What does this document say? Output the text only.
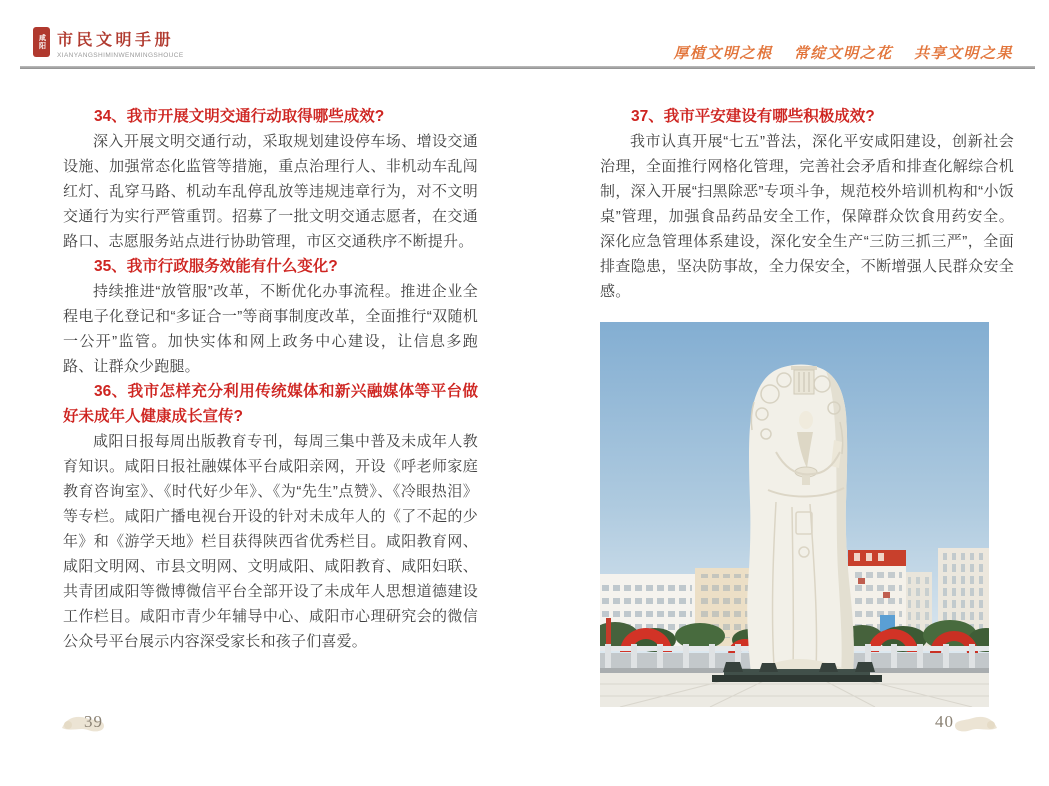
咸阳 市民文明手册
XIANYANGSHIMINWENMINGSHOUCE	厚植文明之根 常绽文明之花 共享文明之果
34、我市开展文明交通行动取得哪些成效?

深入开展文明交通行动，采取规划建设停车场、增设交通设施、加强常态化监管等措施，重点治理行人、非机动车乱闯红灯、乱穿马路、机动车乱停乱放等违规违章行为，对不文明交通行为实行严管重罚。招募了一批文明交通志愿者，在交通路口、志愿服务站点进行协助管理，市区交通秩序不断提升。

35、我市行政服务效能有什么变化?

持续推进“放管服”改革，不断优化办事流程。推进企业全程电子化登记和“多证合一”等商事制度改革，全面推行“双随机一公开”监管。加快实体和网上政务中心建设，让信息多跑路、让群众少跑腿。

36、我市怎样充分利用传统媒体和新兴融媒体等平台做好未成年人健康成长宣传?

咸阳日报每周出版教育专刊，每周三集中普及未成年人教育知识。咸阳日报社融媒体平台咸阳亲网，开设《呼老师家庭教育咨询室》、《时代好少年》、《为“先生”点赞》、《冷眼热泪》等专栏。咸阳广播电视台开设的针对未成年人的《了不起的少年》和《游学天地》栏目获得陕西省优秀栏目。咸阳教育网、咸阳文明网、市县文明网、文明咸阳、咸阳教育、咸阳妇联、共青团咸阳等微博微信平台全部开设了未成年人思想道德建设工作栏目。咸阳市青少年辅导中心、咸阳市心理研究会的微信公众号平台展示内容深受家长和孩子们喜爱。

37、我市平安建设有哪些积极成效?

我市认真开展“七五”普法，深化平安咸阳建设，创新社会治理，全面推行网格化管理，完善社会矛盾和排查化解综合机制，深入开展“扫黑除恶”专项斗争，规范校外培训机构和“小饭桌”管理，加强食品药品安全工作，保障群众饮食用药安全。深化应急管理体系建设，深化安全生产“三防三抓三严”，全面排查隐患，坚决防事故，全力保安全，不断增强人民群众安全感。

39	40
